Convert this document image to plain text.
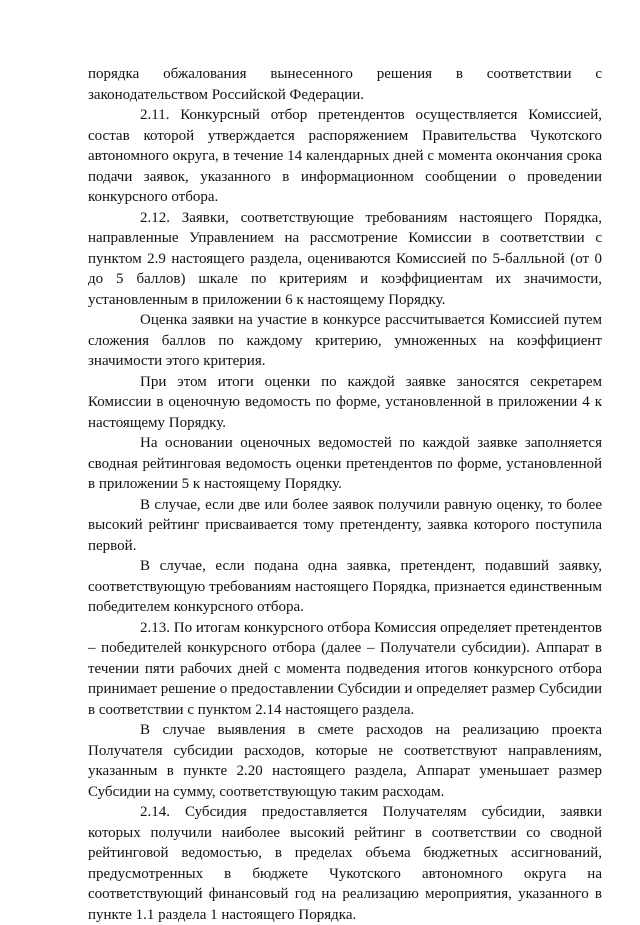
порядка обжалования вынесенного решения в соответствии с законодательством Российской Федерации.

2.11. Конкурсный отбор претендентов осуществляется Комиссией, состав которой утверждается распоряжением Правительства Чукотского автономного округа, в течение 14 календарных дней с момента окончания срока подачи заявок, указанного в информационном сообщении о проведении конкурсного отбора.

2.12. Заявки, соответствующие требованиям настоящего Порядка, направленные Управлением на рассмотрение Комиссии в соответствии с пунктом 2.9 настоящего раздела, оцениваются Комиссией по 5-балльной (от 0 до 5 баллов) шкале по критериям и коэффициентам их значимости, установленным в приложении 6 к настоящему Порядку.

Оценка заявки на участие в конкурсе рассчитывается Комиссией путем сложения баллов по каждому критерию, умноженных на коэффициент значимости этого критерия.

При этом итоги оценки по каждой заявке заносятся секретарем Комиссии в оценочную ведомость по форме, установленной в приложении 4 к настоящему Порядку.

На основании оценочных ведомостей по каждой заявке заполняется сводная рейтинговая ведомость оценки претендентов по форме, установленной в приложении 5 к настоящему Порядку.

В случае, если две или более заявок получили равную оценку, то более высокий рейтинг присваивается тому претенденту, заявка которого поступила первой.

В случае, если подана одна заявка, претендент, подавший заявку, соответствующую требованиям настоящего Порядка, признается единственным победителем конкурсного отбора.

2.13. По итогам конкурсного отбора Комиссия определяет претендентов – победителей конкурсного отбора (далее – Получатели субсидии). Аппарат в течении пяти рабочих дней с момента подведения итогов конкурсного отбора принимает решение о предоставлении Субсидии и определяет размер Субсидии в соответствии с пунктом 2.14 настоящего раздела.

В случае выявления в смете расходов на реализацию проекта Получателя субсидии расходов, которые не соответствуют направлениям, указанным в пункте 2.20 настоящего раздела, Аппарат уменьшает размер Субсидии на сумму, соответствующую таким расходам.

2.14. Субсидия предоставляется Получателям субсидии, заявки которых получили наиболее высокий рейтинг в соответствии со сводной рейтинговой ведомостью, в пределах объема бюджетных ассигнований, предусмотренных в бюджете Чукотского автономного округа на соответствующий финансовый год на реализацию мероприятия, указанного в пункте 1.1 раздела 1 настоящего Порядка.
